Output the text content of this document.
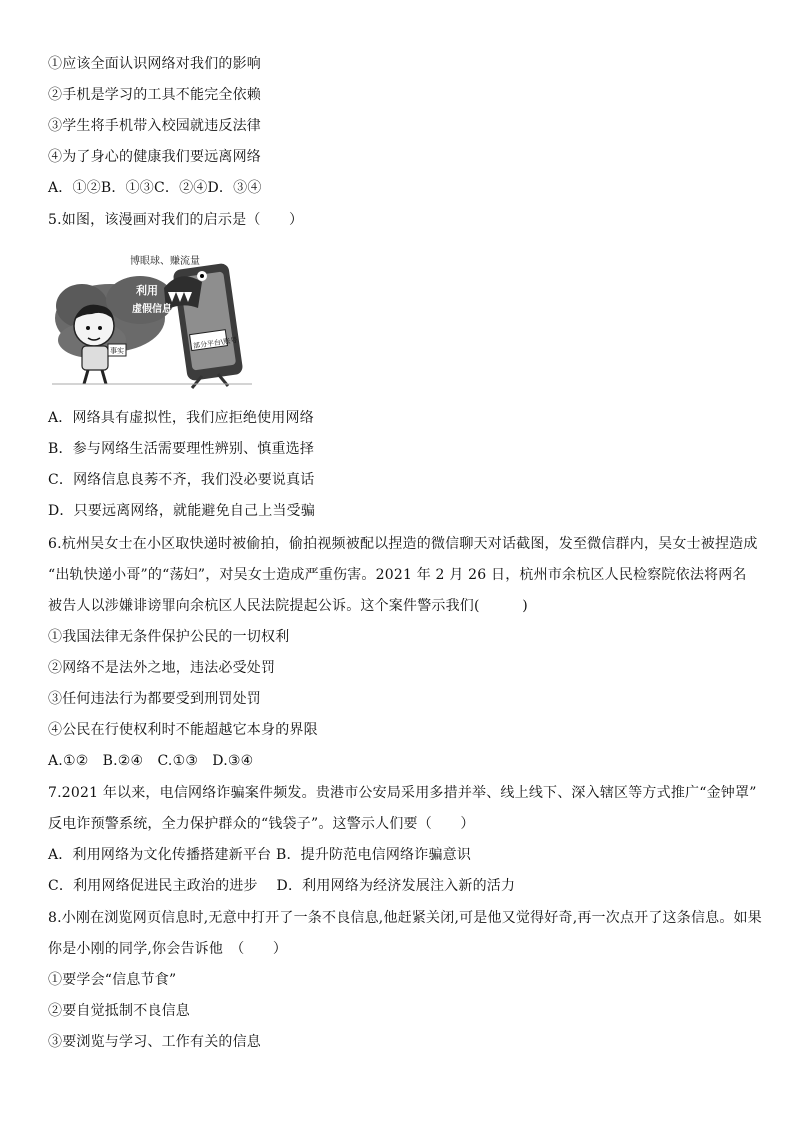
①应该全面认识网络对我们的影响
②手机是学习的工具不能完全依赖
③学生将手机带入校园就违反法律
④为了身心的健康我们要远离网络
A．①②B．①③C．②④D．③④
5.如图，该漫画对我们的启示是（　　）
博眼球、赚流量
利用
虚假信息
部分平台\账号
事实
A．网络具有虚拟性，我们应拒绝使用网络
B．参与网络生活需要理性辨别、慎重选择
C．网络信息良莠不齐，我们没必要说真话
D．只要远离网络，就能避免自己上当受骗
6.杭州吴女士在小区取快递时被偷拍，偷拍视频被配以捏造的微信聊天对话截图，发至微信群内，吴女士被捏造成
“出轨快递小哥”的“荡妇”，对吴女士造成严重伤害。2021 年 2 月 26 日，杭州市余杭区人民检察院依法将两名
被告人以涉嫌诽谤罪向余杭区人民法院提起公诉。这个案件警示我们(　　　)
①我国法律无条件保护公民的一切权利
②网络不是法外之地，违法必受处罚
③任何违法行为都要受到刑罚处罚
④公民在行使权利时不能超越它本身的界限
A.①②　B.②④　C.①③　D.③④
7.2021 年以来，电信网络诈骗案件频发。贵港市公安局采用多措并举、线上线下、深入辖区等方式推广“金钟罩”
反电诈预警系统，全力保护群众的“钱袋子”。这警示人们要（　　）
A．利用网络为文化传播搭建新平台 B．提升防范电信网络诈骗意识
C．利用网络促进民主政治的进步　 D．利用网络为经济发展注入新的活力
8.小刚在浏览网页信息时,无意中打开了一条不良信息,他赶紧关闭,可是他又觉得好奇,再一次点开了这条信息。如果
你是小刚的同学,你会告诉他　（　　）
①要学会“信息节食”
②要自觉抵制不良信息
③要浏览与学习、工作有关的信息
